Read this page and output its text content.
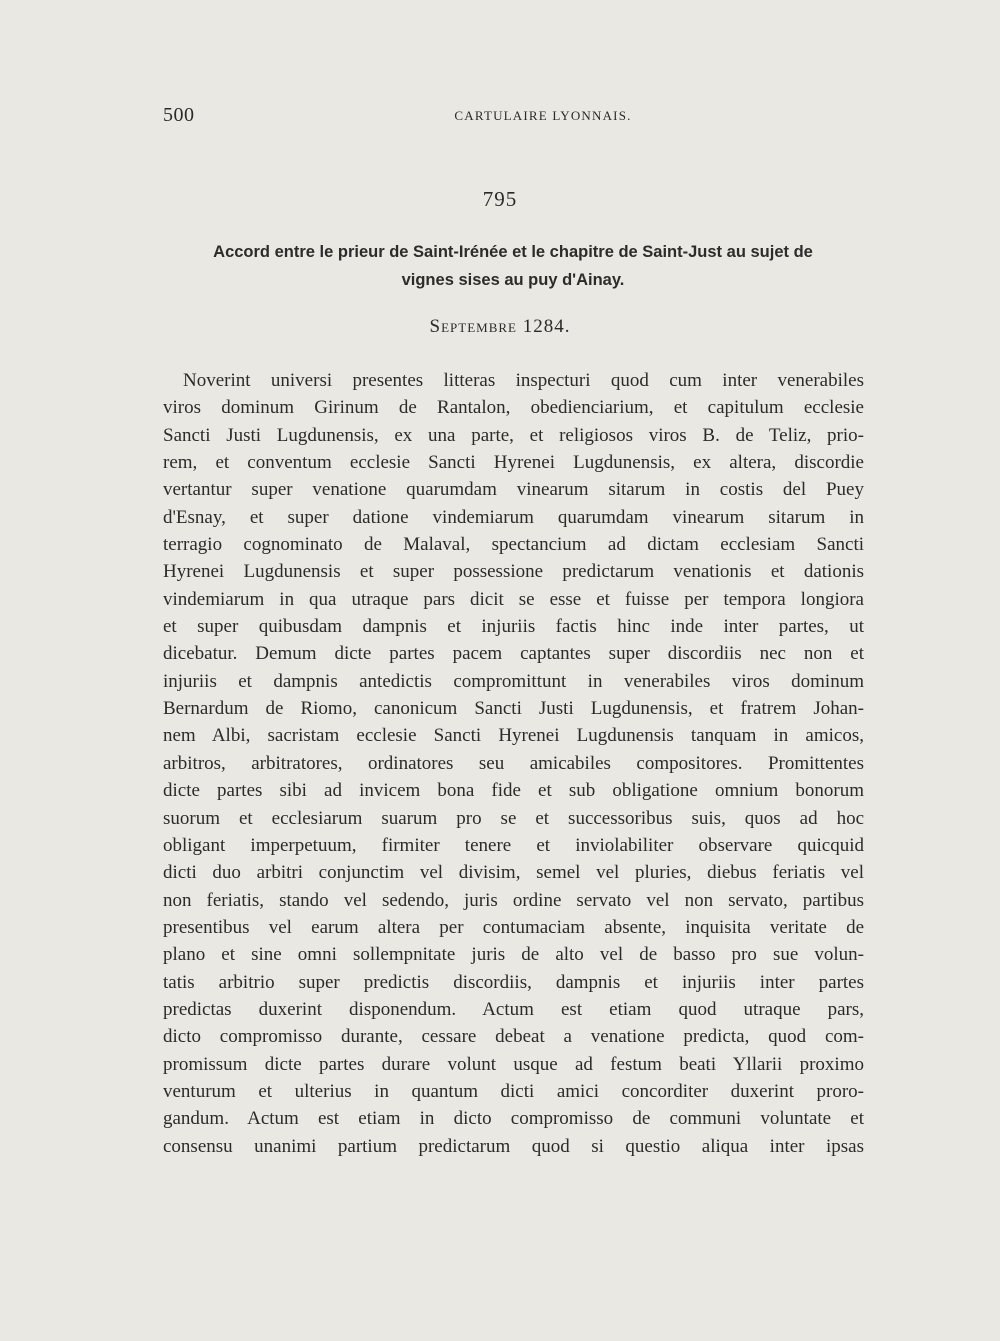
500	CARTULAIRE LYONNAIS.
795
Accord entre le prieur de Saint-Irénée et le chapitre de Saint-Just au sujet de
vignes sises au puy d'Ainay.
Septembre 1284.
Noverint universi presentes litteras inspecturi quod cum inter venerabiles
viros dominum Girinum de Rantalon, obedienciarium, et capitulum ecclesie
Sancti Justi Lugdunensis, ex una parte, et religiosos viros B. de Teliz, prio-
rem, et conventum ecclesie Sancti Hyrenei Lugdunensis, ex altera, discordie
vertantur super venatione quarumdam vinearum sitarum in costis del Puey
d'Esnay, et super datione vindemiarum quarumdam vinearum sitarum in
terragio cognominato de Malaval, spectancium ad dictam ecclesiam Sancti
Hyrenei Lugdunensis et super possessione predictarum venationis et dationis
vindemiarum in qua utraque pars dicit se esse et fuisse per tempora longiora
et super quibusdam dampnis et injuriis factis hinc inde inter partes, ut
dicebatur. Demum dicte partes pacem captantes super discordiis nec non et
injuriis et dampnis antedictis compromittunt in venerabiles viros dominum
Bernardum de Riomo, canonicum Sancti Justi Lugdunensis, et fratrem Johan-
nem Albi, sacristam ecclesie Sancti Hyrenei Lugdunensis tanquam in amicos,
arbitros, arbitratores, ordinatores seu amicabiles compositores. Promittentes
dicte partes sibi ad invicem bona fide et sub obligatione omnium bonorum
suorum et ecclesiarum suarum pro se et successoribus suis, quos ad hoc
obligant imperpetuum, firmiter tenere et inviolabiliter observare quicquid
dicti duo arbitri conjunctim vel divisim, semel vel pluries, diebus feriatis vel
non feriatis, stando vel sedendo, juris ordine servato vel non servato, partibus
presentibus vel earum altera per contumaciam absente, inquisita veritate de
plano et sine omni sollempnitate juris de alto vel de basso pro sue volun-
tatis arbitrio super predictis discordiis, dampnis et injuriis inter partes
predictas duxerint disponendum. Actum est etiam quod utraque pars,
dicto compromisso durante, cessare debeat a venatione predicta, quod com-
promissum dicte partes durare volunt usque ad festum beati Yllarii proximo
venturum et ulterius in quantum dicti amici concorditer duxerint proro-
gandum. Actum est etiam in dicto compromisso de communi voluntate et
consensu unanimi partium predictarum quod si questio aliqua inter ipsas
